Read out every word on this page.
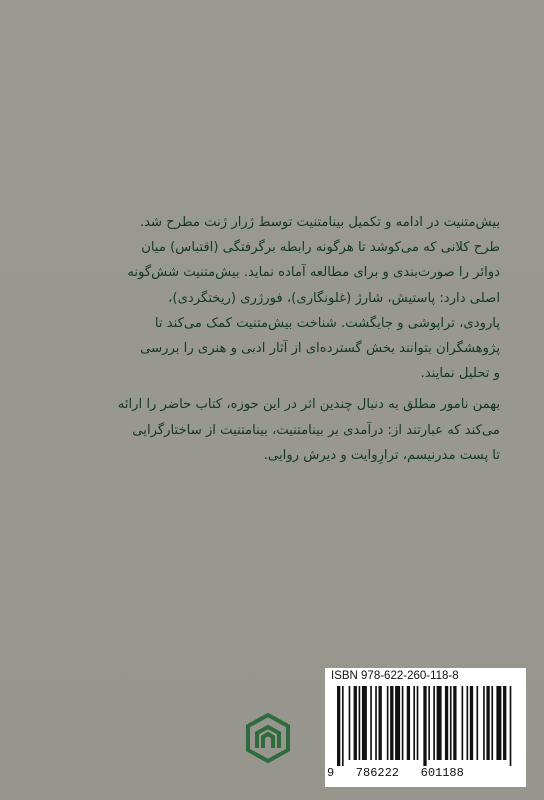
بیش‌متنیت در ادامه و تکمیل بینامتنیت توسط ژرار ژنت مطرح شد.
طرح کلانی که می‌کوشد تا هرگونه رابطه برگرفتگی (اقتباس) میان
دوائر را صورت‌بندی و برای مطالعه آماده نماید. بیش‌متنیت شش‌گونه
اصلی دارد: پاستیش، شارژ (غلونگاری)، فورژری (ریختگردی)،
پارودی، تراپوشی و جایگشت. شناخت بیش‌متنیت کمک می‌کند تا
پژوهشگران بتوانند بخش گسترده‌ای از آثار ادبی و هنری را بررسی
و تحلیل نمایند.

بهمن نامور مطلق به دنبال چندین اثر در این حوزه، کتاب حاضر را ارائه
می‌کند که عبارتند از: درآمدی بر بینامتنیت، بینامتنیت از ساختارگرایی
تا پست مدرنیسم، ترارِوایت و دیرش روایی.

ISBN 978-622-260-118-8
9   786222   601188
